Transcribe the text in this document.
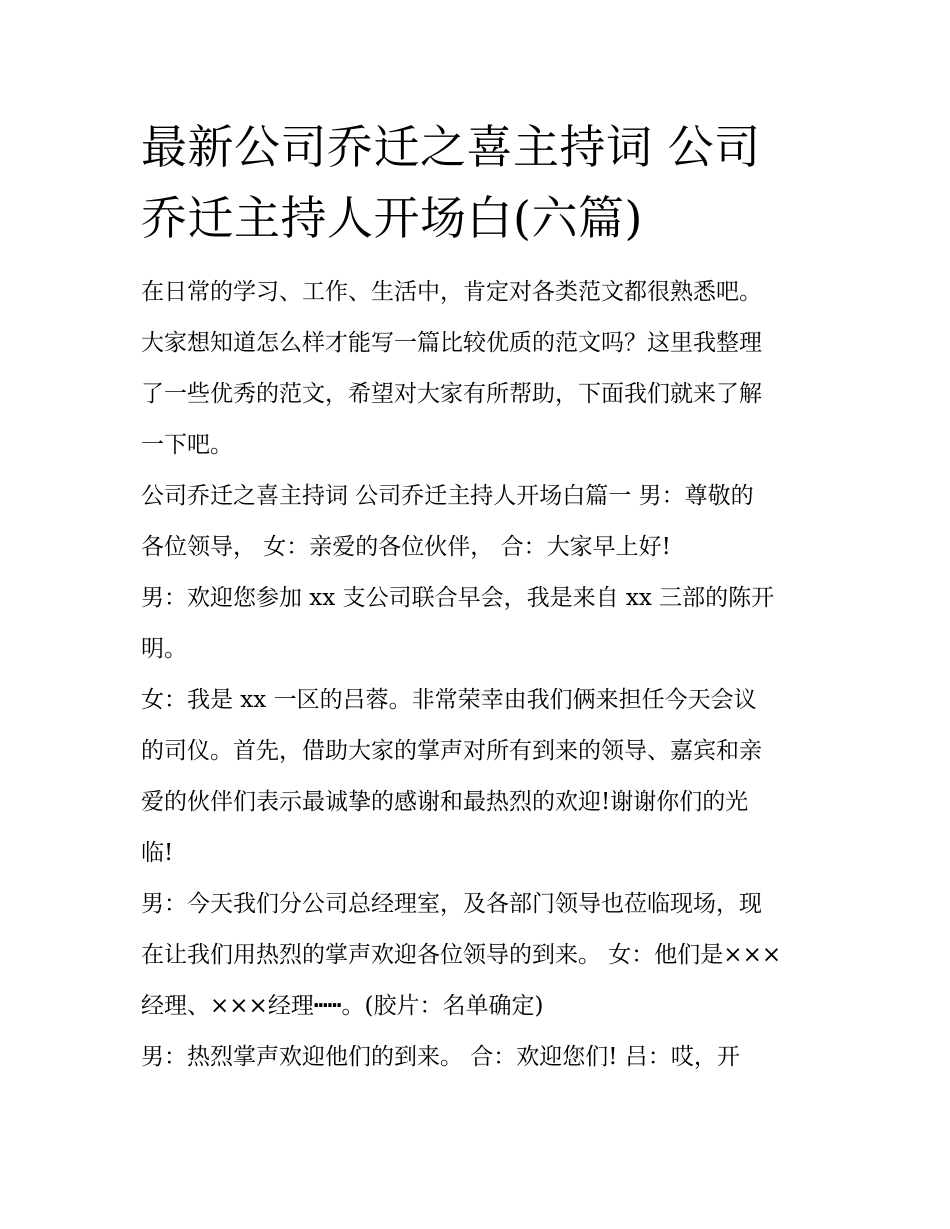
最新公司乔迁之喜主持词 公司
乔迁主持人开场白(六篇)
在日常的学习、工作、生活中，肯定对各类范文都很熟悉吧。
大家想知道怎么样才能写一篇比较优质的范文吗？这里我整理
了一些优秀的范文，希望对大家有所帮助，下面我们就来了解
一下吧。
公司乔迁之喜主持词 公司乔迁主持人开场白篇一 男：尊敬的
各位领导， 女：亲爱的各位伙伴， 合：大家早上好!
男：欢迎您参加 xx 支公司联合早会，我是来自 xx 三部的陈开
明。
女：我是 xx 一区的吕蓉。非常荣幸由我们俩来担任今天会议
的司仪。首先，借助大家的掌声对所有到来的领导、嘉宾和亲
爱的伙伴们表示最诚挚的感谢和最热烈的欢迎!谢谢你们的光
临!
男：今天我们分公司总经理室，及各部门领导也莅临现场，现
在让我们用热烈的掌声欢迎各位领导的到来。 女：他们是×××
经理、×××经理┅┅。(胶片：名单确定)
男：热烈掌声欢迎他们的到来。 合：欢迎您们! 吕：哎，开
